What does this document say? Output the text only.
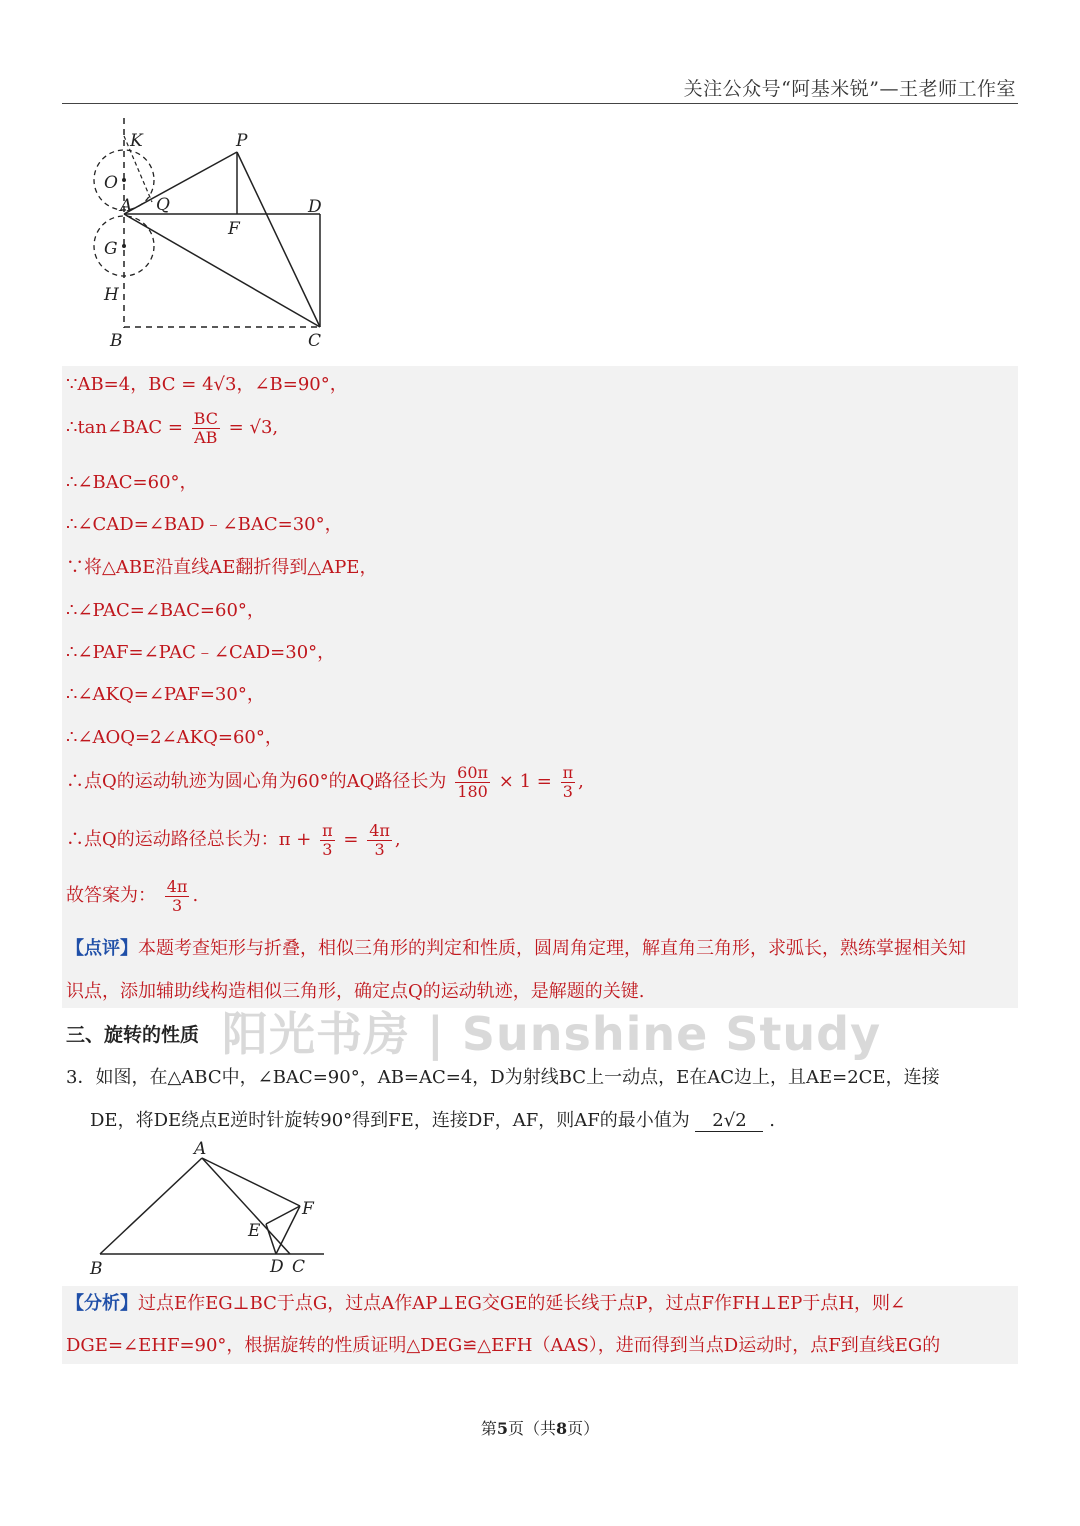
关注公众号“阿基米锐”—王老师工作室
K	P
O
A Q	D
F
G
H
B	C
∵AB=4，BC = 4√3，∠B=90°，
∴tan∠BAC = $\frac{BC}{AB} = √3$,
∴∠BAC=60°，
∴∠CAD=∠BAD﹣∠BAC=30°，
∵将△ABE沿直线AE翻折得到△APE，
∴∠PAC=∠BAC=60°，
∴∠PAF=∠PAC﹣∠CAD=30°，
∴∠AKQ=∠PAF=30°，
∴∠AOQ=2∠AKQ=60°，
∴点Q的运动轨迹为圆心角为60°的AQ路径长为 $\frac{60\pi}{180} \times 1 = \frac{\pi}{3}$ ,
∴点Q的运动路径总长为：$\pi + \frac{\pi}{3} = \frac{4\pi}{3}$ ,
故答案为： $\frac{4\pi}{3}$ .
【点评】本题考查矩形与折叠，相似三角形的判定和性质，圆周角定理，解直角三角形，求弧长，熟练掌握相关知
识点，添加辅助线构造相似三角形，确定点Q的运动轨迹，是解题的关键.
阳光书房 | Sunshine Study
三、旋转的性质
3．如图，在△ABC中，∠BAC=90°，AB=AC=4，D为射线BC上一动点，E在AC边上，且AE=2CE，连接
DE，将DE绕点E逆时针旋转90°得到FE，连接DF，AF，则AF的最小值为 2√2 .
A
F
E
B	D C
【分析】过点E作EG⊥BC于点G，过点A作AP⊥EG交GE的延长线于点P，过点F作FH⊥EP于点H，则∠
DGE=∠EHF=90°，根据旋转的性质证明△DEG≌△EFH（AAS），进而得到当点D运动时，点F到直线EG的
第5页（共8页）
